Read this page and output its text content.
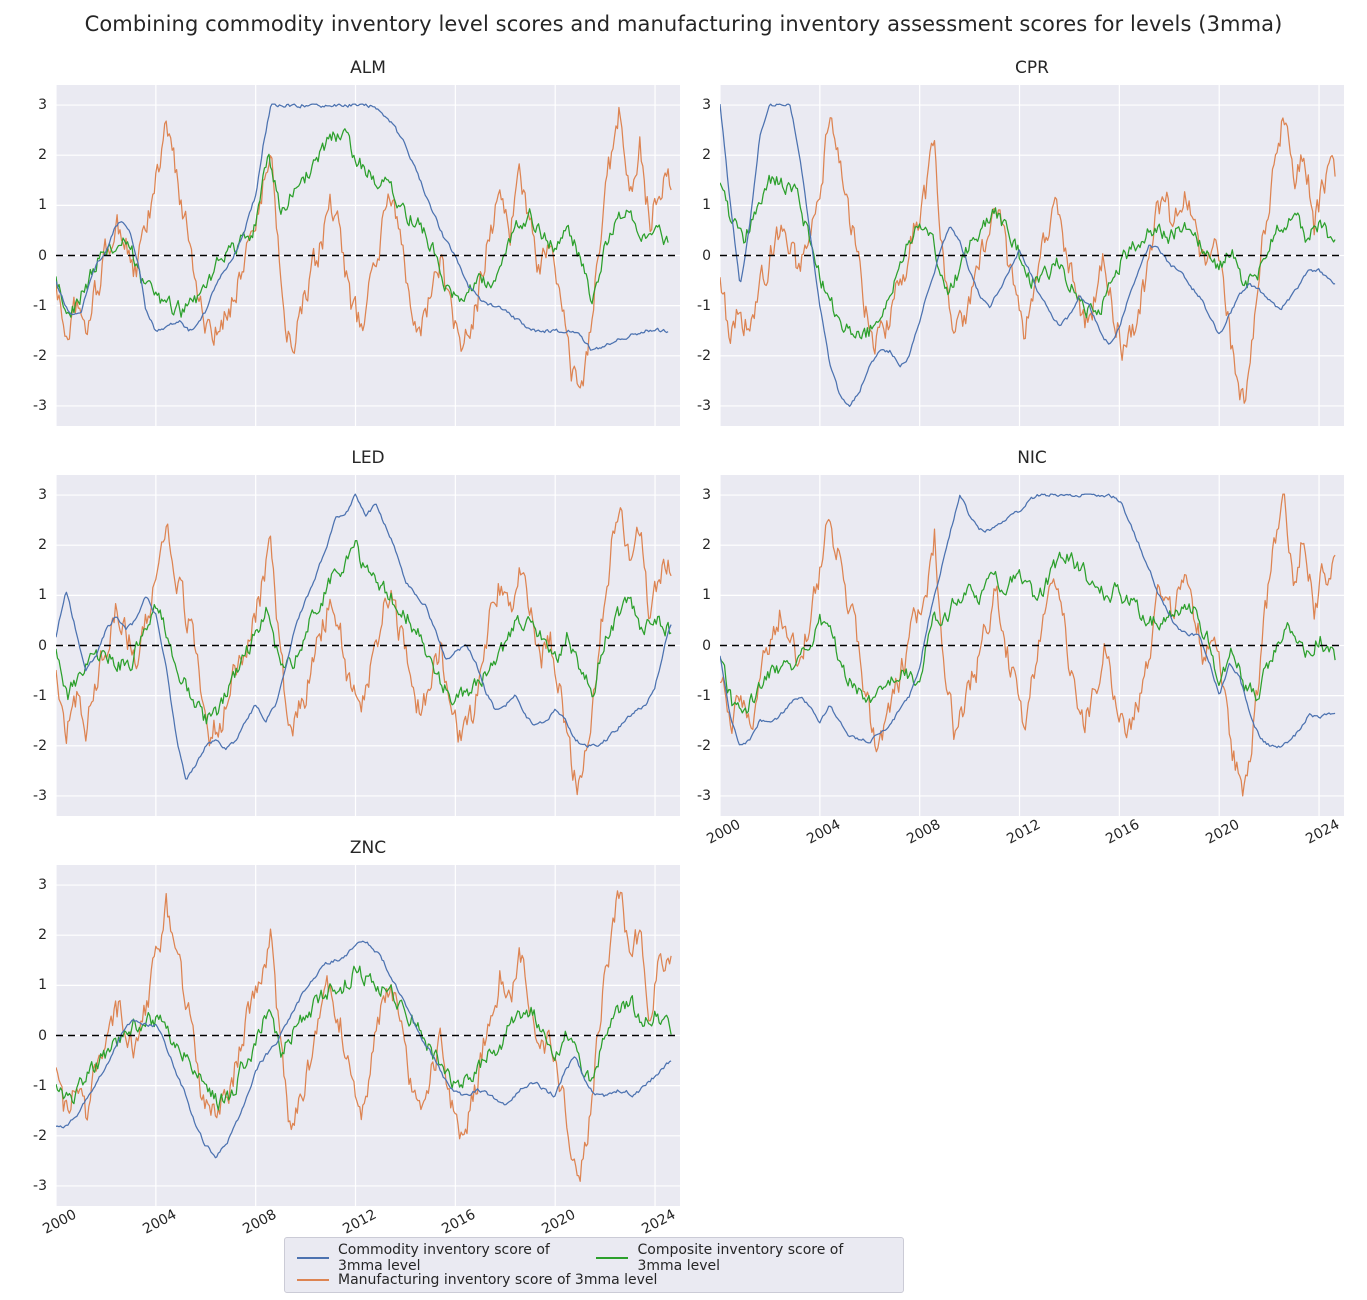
Combining commodity inventory level scores and manufacturing inventory assessment scores for levels (3mma)
ALM
-3
-2
-1
0
1
2
3
CPR
-3
-2
-1
0
1
2
3
LED
-3
-2
-1
0
1
2
3
NIC
-3
-2
-1
0
1
2
3
2000	2004	2008	2012	2016	2020	2024
ZNC
-3
-2
-1
0
1
2
3
2000	2004	2008	2012	2016	2020	2024
Commodity inventory score of 3mma level
Composite inventory score of 3mma level
Manufacturing inventory score of 3mma level
